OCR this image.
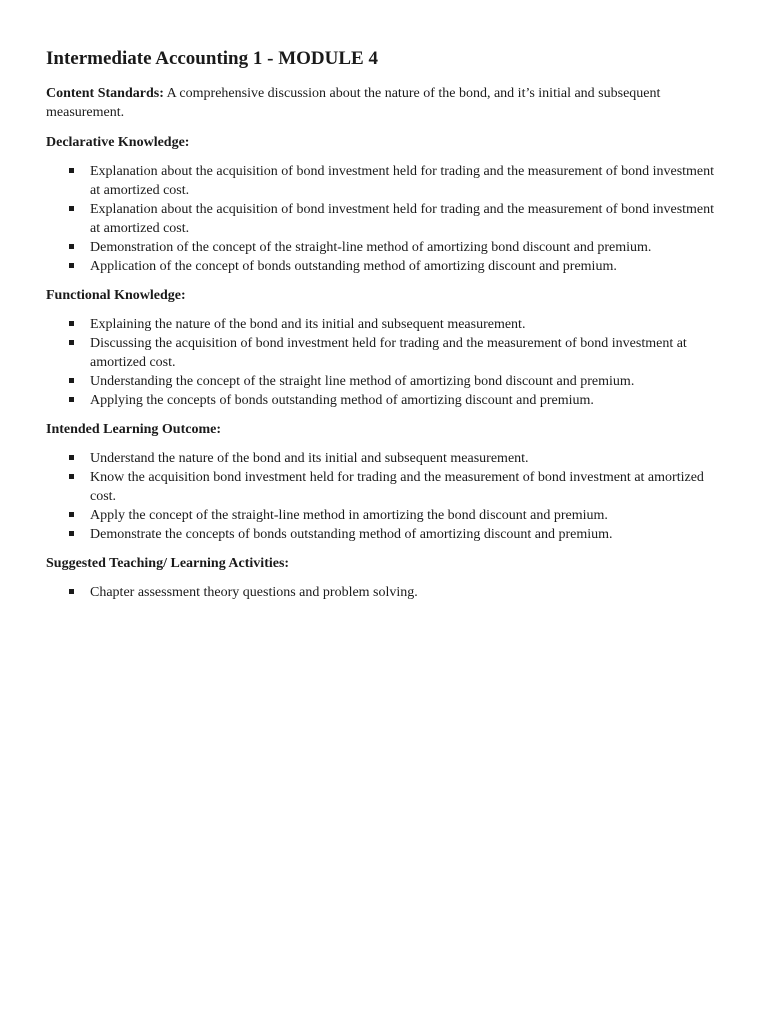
Intermediate Accounting 1 - MODULE 4

Content Standards: A comprehensive discussion about the nature of the bond, and it’s initial and subsequent measurement.

Declarative Knowledge:
Explanation about the acquisition of bond investment held for trading and the measurement of bond investment at amortized cost.
Explanation about the acquisition of bond investment held for trading and the measurement of bond investment at amortized cost.
Demonstration of the concept of the straight-line method of amortizing bond discount and premium.
Application of the concept of bonds outstanding method of amortizing discount and premium.
Functional Knowledge:
Explaining the nature of the bond and its initial and subsequent measurement.
Discussing the acquisition of bond investment held for trading and the measurement of bond investment at amortized cost.
Understanding the concept of the straight line method of amortizing bond discount and premium.
Applying the concepts of bonds outstanding method of amortizing discount and premium.
Intended Learning Outcome:
Understand the nature of the bond and its initial and subsequent measurement.
Know the acquisition bond investment held for trading and the measurement of bond investment at amortized cost.
Apply the concept of the straight-line method in amortizing the bond discount and premium.
Demonstrate the concepts of bonds outstanding method of amortizing discount and premium.
Suggested Teaching/ Learning Activities:
Chapter assessment theory questions and problem solving.
